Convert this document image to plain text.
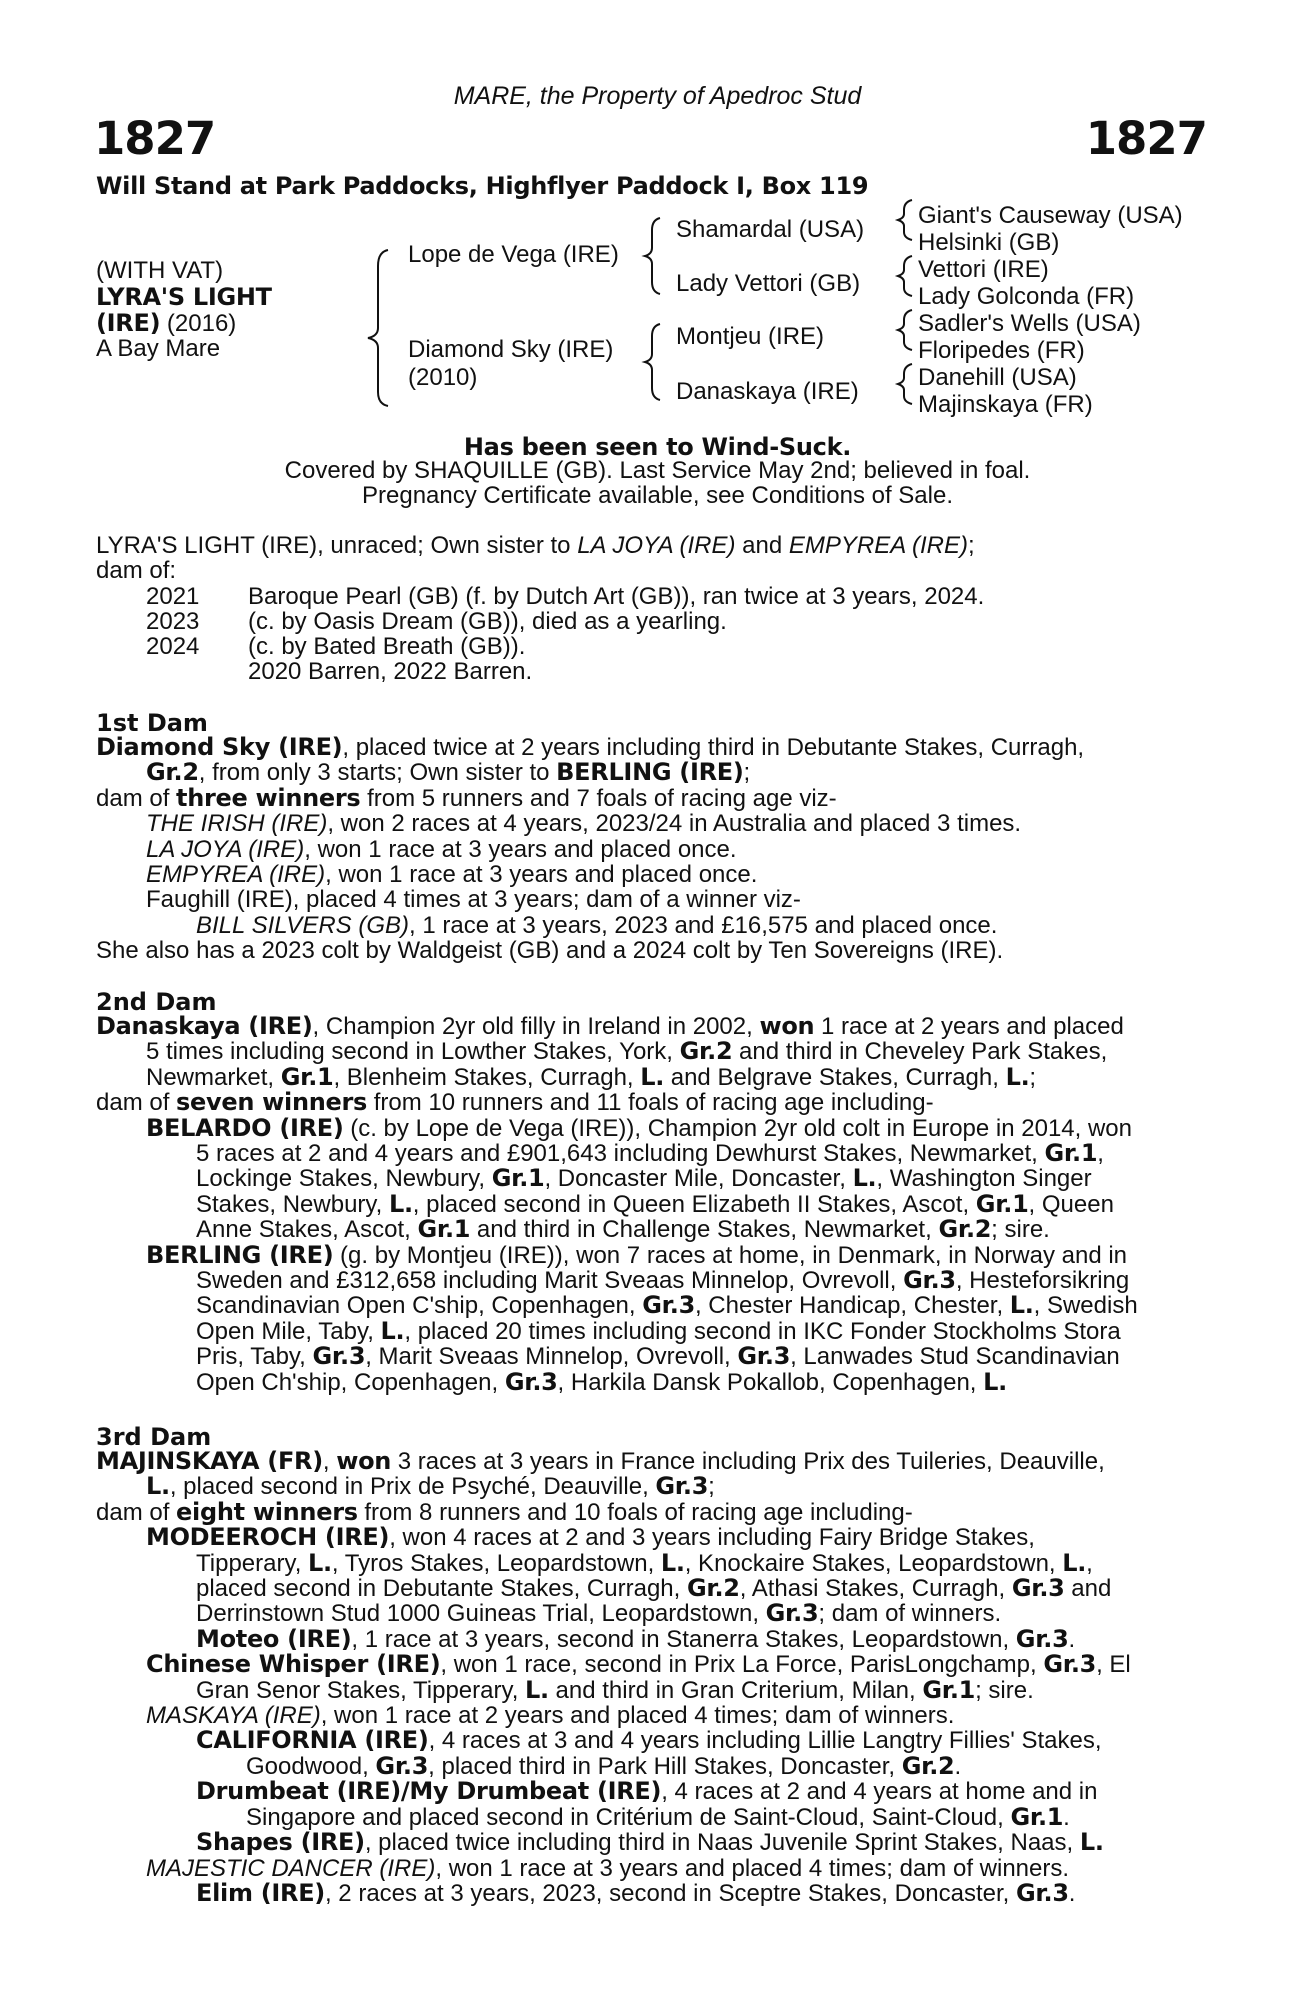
1827	1827
MARE, the Property of Apedroc Stud
Will Stand at Park Paddocks, Highflyer Paddock I, Box 119
(WITH VAT)
LYRA'S LIGHT
(IRE) (2016)
A Bay Mare
Lope de Vega (IRE)
Diamond Sky (IRE)
(2010)
Shamardal (USA)
Lady Vettori (GB)
Montjeu (IRE)
Danaskaya (IRE)
Giant's Causeway (USA)
Helsinki (GB)
Vettori (IRE)
Lady Golconda (FR)
Sadler's Wells (USA)
Floripedes (FR)
Danehill (USA)
Majinskaya (FR)
Has been seen to Wind-Suck.
Covered by SHAQUILLE (GB). Last Service May 2nd; believed in foal.
Pregnancy Certificate available, see Conditions of Sale.
LYRA'S LIGHT (IRE), unraced; Own sister to LA JOYA (IRE) and EMPYREA (IRE);
dam of:
2021 Baroque Pearl (GB) (f. by Dutch Art (GB)), ran twice at 3 years, 2024.
2023 (c. by Oasis Dream (GB)), died as a yearling.
2024 (c. by Bated Breath (GB)).
2020 Barren, 2022 Barren.
1st Dam
Diamond Sky (IRE), placed twice at 2 years including third in Debutante Stakes, Curragh,
Gr.2, from only 3 starts; Own sister to BERLING (IRE);
dam of three winners from 5 runners and 7 foals of racing age viz-
THE IRISH (IRE), won 2 races at 4 years, 2023/24 in Australia and placed 3 times.
LA JOYA (IRE), won 1 race at 3 years and placed once.
EMPYREA (IRE), won 1 race at 3 years and placed once.
Faughill (IRE), placed 4 times at 3 years; dam of a winner viz-
BILL SILVERS (GB), 1 race at 3 years, 2023 and £16,575 and placed once.
She also has a 2023 colt by Waldgeist (GB) and a 2024 colt by Ten Sovereigns (IRE).
2nd Dam
Danaskaya (IRE), Champion 2yr old filly in Ireland in 2002, won 1 race at 2 years and placed
5 times including second in Lowther Stakes, York, Gr.2 and third in Cheveley Park Stakes,
Newmarket, Gr.1, Blenheim Stakes, Curragh, L. and Belgrave Stakes, Curragh, L.;
dam of seven winners from 10 runners and 11 foals of racing age including-
BELARDO (IRE) (c. by Lope de Vega (IRE)), Champion 2yr old colt in Europe in 2014, won
5 races at 2 and 4 years and £901,643 including Dewhurst Stakes, Newmarket, Gr.1,
Lockinge Stakes, Newbury, Gr.1, Doncaster Mile, Doncaster, L., Washington Singer
Stakes, Newbury, L., placed second in Queen Elizabeth II Stakes, Ascot, Gr.1, Queen
Anne Stakes, Ascot, Gr.1 and third in Challenge Stakes, Newmarket, Gr.2; sire.
BERLING (IRE) (g. by Montjeu (IRE)), won 7 races at home, in Denmark, in Norway and in
Sweden and £312,658 including Marit Sveaas Minnelop, Ovrevoll, Gr.3, Hesteforsikring
Scandinavian Open C'ship, Copenhagen, Gr.3, Chester Handicap, Chester, L., Swedish
Open Mile, Taby, L., placed 20 times including second in IKC Fonder Stockholms Stora
Pris, Taby, Gr.3, Marit Sveaas Minnelop, Ovrevoll, Gr.3, Lanwades Stud Scandinavian
Open Ch'ship, Copenhagen, Gr.3, Harkila Dansk Pokallob, Copenhagen, L.
3rd Dam
MAJINSKAYA (FR), won 3 races at 3 years in France including Prix des Tuileries, Deauville,
L., placed second in Prix de Psyché, Deauville, Gr.3;
dam of eight winners from 8 runners and 10 foals of racing age including-
MODEEROCH (IRE), won 4 races at 2 and 3 years including Fairy Bridge Stakes,
Tipperary, L., Tyros Stakes, Leopardstown, L., Knockaire Stakes, Leopardstown, L.,
placed second in Debutante Stakes, Curragh, Gr.2, Athasi Stakes, Curragh, Gr.3 and
Derrinstown Stud 1000 Guineas Trial, Leopardstown, Gr.3; dam of winners.
Moteo (IRE), 1 race at 3 years, second in Stanerra Stakes, Leopardstown, Gr.3.
Chinese Whisper (IRE), won 1 race, second in Prix La Force, ParisLongchamp, Gr.3, El
Gran Senor Stakes, Tipperary, L. and third in Gran Criterium, Milan, Gr.1; sire.
MASKAYA (IRE), won 1 race at 2 years and placed 4 times; dam of winners.
CALIFORNIA (IRE), 4 races at 3 and 4 years including Lillie Langtry Fillies' Stakes,
Goodwood, Gr.3, placed third in Park Hill Stakes, Doncaster, Gr.2.
Drumbeat (IRE)/My Drumbeat (IRE), 4 races at 2 and 4 years at home and in
Singapore and placed second in Critérium de Saint-Cloud, Saint-Cloud, Gr.1.
Shapes (IRE), placed twice including third in Naas Juvenile Sprint Stakes, Naas, L.
MAJESTIC DANCER (IRE), won 1 race at 3 years and placed 4 times; dam of winners.
Elim (IRE), 2 races at 3 years, 2023, second in Sceptre Stakes, Doncaster, Gr.3.
